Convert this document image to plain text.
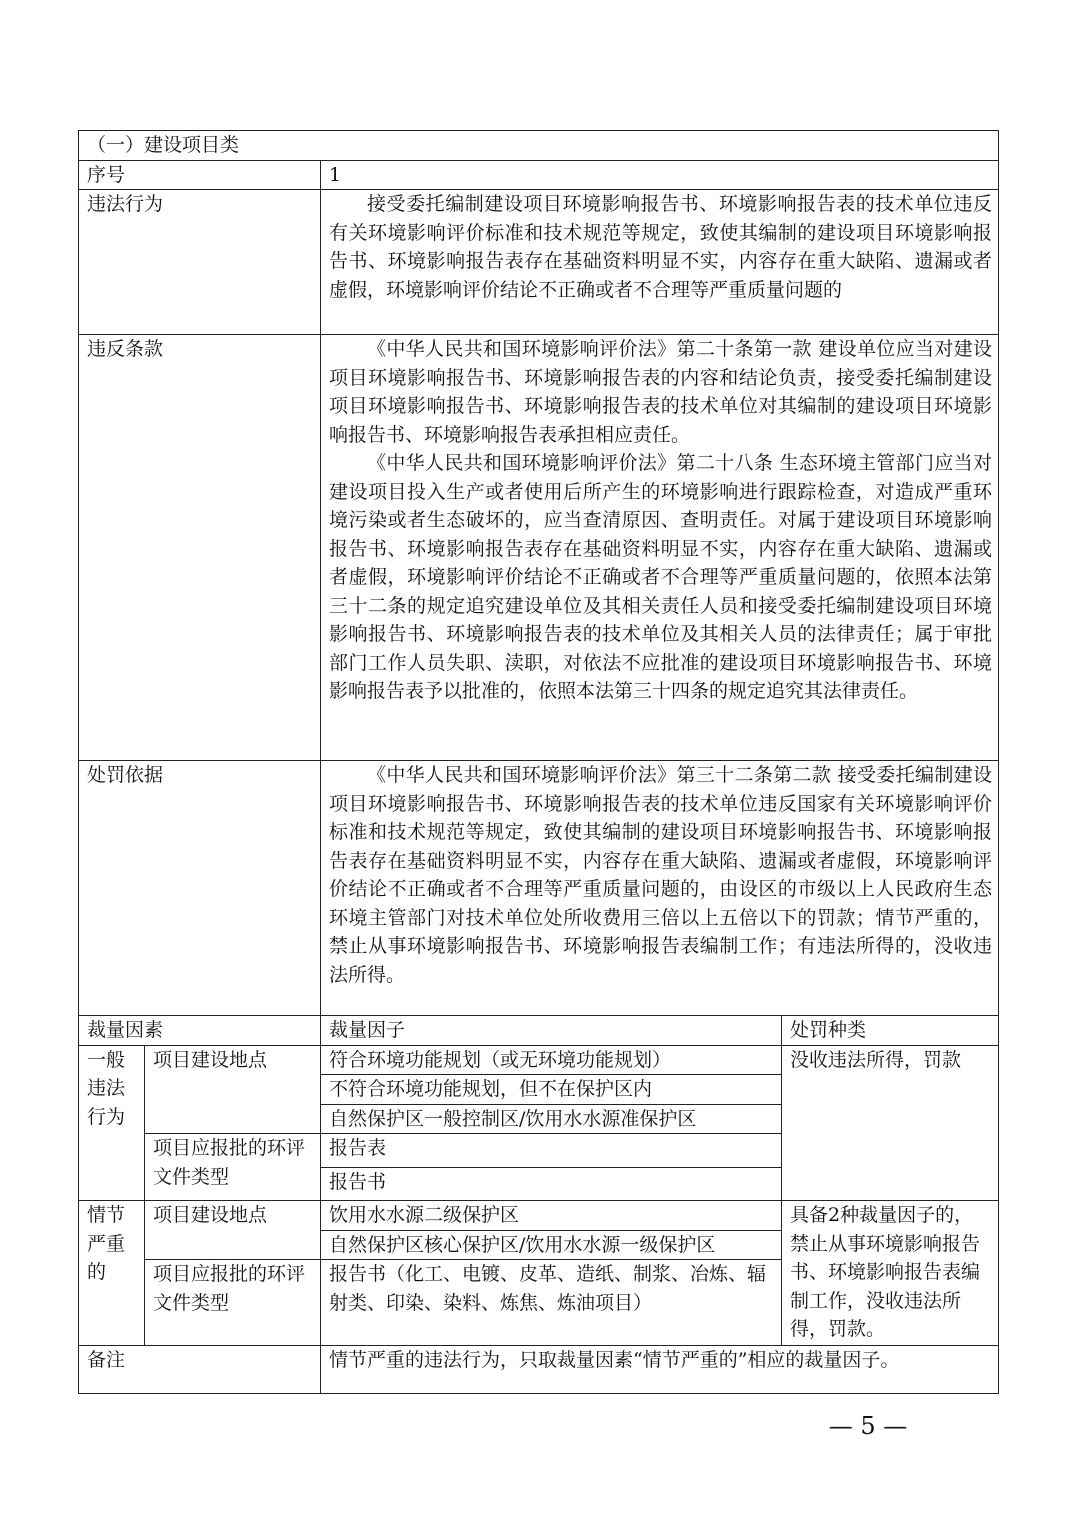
（一）建设项目类			
序号		1	
违法行为		接受委托编制建设项目环境影响报告书、环境影响报告表的技术单位违反有关环境影响评价标准和技术规范等规定，致使其编制的建设项目环境影响报告书、环境影响报告表存在基础资料明显不实，内容存在重大缺陷、遗漏或者虚假，环境影响评价结论不正确或者不合理等严重质量问题的	

违反条款		《中华人民共和国环境影响评价法》第二十条第一款 建设单位应当对建设项目环境影响报告书、环境影响报告表的内容和结论负责，接受委托编制建设项目环境影响报告书、环境影响报告表的技术单位对其编制的建设项目环境影响报告书、环境影响报告表承担相应责任。

《中华人民共和国环境影响评价法》第二十八条 生态环境主管部门应当对建设项目投入生产或者使用后所产生的环境影响进行跟踪检查，对造成严重环境污染或者生态破坏的，应当查清原因、查明责任。对属于建设项目环境影响报告书、环境影响报告表存在基础资料明显不实，内容存在重大缺陷、遗漏或者虚假，环境影响评价结论不正确或者不合理等严重质量问题的，依照本法第三十二条的规定追究建设单位及其相关责任人员和接受委托编制建设项目环境影响报告书、环境影响报告表的技术单位及其相关人员的法律责任；属于审批部门工作人员失职、渎职，对依法不应批准的建设项目环境影响报告书、环境影响报告表予以批准的，依照本法第三十四条的规定追究其法律责任。	

处罚依据		《中华人民共和国环境影响评价法》第三十二条第二款 接受委托编制建设项目环境影响报告书、环境影响报告表的技术单位违反国家有关环境影响评价标准和技术规范等规定，致使其编制的建设项目环境影响报告书、环境影响报告表存在基础资料明显不实，内容存在重大缺陷、遗漏或者虚假，环境影响评价结论不正确或者不合理等严重质量问题的，由设区的市级以上人民政府生态环境主管部门对技术单位处所收费用三倍以上五倍以下的罚款；情节严重的，禁止从事环境影响报告书、环境影响报告表编制工作；有违法所得的，没收违法所得。	

裁量因素		裁量因子	处罚种类
一般违法行为	项目建设地点	符合环境功能规划（或无环境功能规划）	没收违法所得，罚款
		不符合环境功能规划，但不在保护区内	
		自然保护区一般控制区/饮用水水源准保护区	
	项目应报批的环评文件类型	报告表	
		报告书	
情节严重的	项目建设地点	饮用水水源二级保护区	具备2种裁量因子的，禁止从事环境影响报告书、环境影响报告表编制工作，没收违法所得，罚款。
		自然保护区核心保护区/饮用水水源一级保护区	
	项目应报批的环评文件类型	报告书（化工、电镀、皮革、造纸、制浆、冶炼、辐射类、印染、染料、炼焦、炼油项目）	
备注		情节严重的违法行为，只取裁量因素“情节严重的”相应的裁量因子。	
— 5 —
